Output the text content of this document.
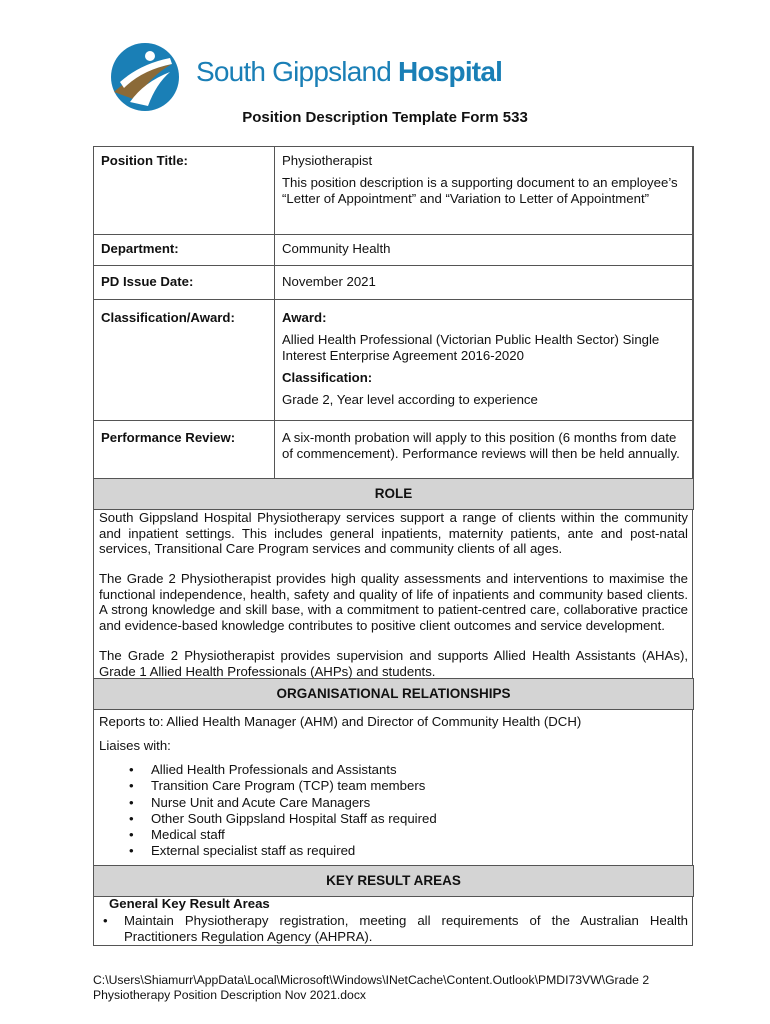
South Gippsland Hospital
Position Description Template Form 533
Position Title:	Physiotherapist
This position description is a supporting document to an employee’s “Letter of Appointment” and “Variation to Letter of Appointment”

Department:	Community Health
PD Issue Date:	November 2021
Classification/Award:	Award:
Allied Health Professional (Victorian Public Health Sector) Single Interest Enterprise Agreement 2016-2020
Classification:
Grade 2, Year level according to experience

Performance Review:	A six-month probation will apply to this position (6 months from date of commencement). Performance reviews will then be held annually.
ROLE
South Gippsland Hospital Physiotherapy services support a range of clients within the community and inpatient settings. This includes general inpatients, maternity patients, ante and post-natal services, Transitional Care Program services and community clients of all ages.
The Grade 2 Physiotherapist provides high quality assessments and interventions to maximise the functional independence, health, safety and quality of life of inpatients and community based clients. A strong knowledge and skill base, with a commitment to patient-centred care, collaborative practice and evidence-based knowledge contributes to positive client outcomes and service development.
The Grade 2 Physiotherapist provides supervision and supports Allied Health Assistants (AHAs), Grade 1 Allied Health Professionals (AHPs) and students.
ORGANISATIONAL RELATIONSHIPS
Reports to: Allied Health Manager (AHM) and Director of Community Health (DCH)
Liaises with:
• Allied Health Professionals and Assistants
• Transition Care Program (TCP) team members
• Nurse Unit and Acute Care Managers
• Other South Gippsland Hospital Staff as required
• Medical staff
• External specialist staff as required
KEY RESULT AREAS
General Key Result Areas
• Maintain Physiotherapy registration, meeting all requirements of the Australian Health Practitioners Regulation Agency (AHPRA).
C:\Users\Shiamurr\AppData\Local\Microsoft\Windows\INetCache\Content.Outlook\PMDI73VW\Grade 2
Physiotherapy Position Description Nov 2021.docx
